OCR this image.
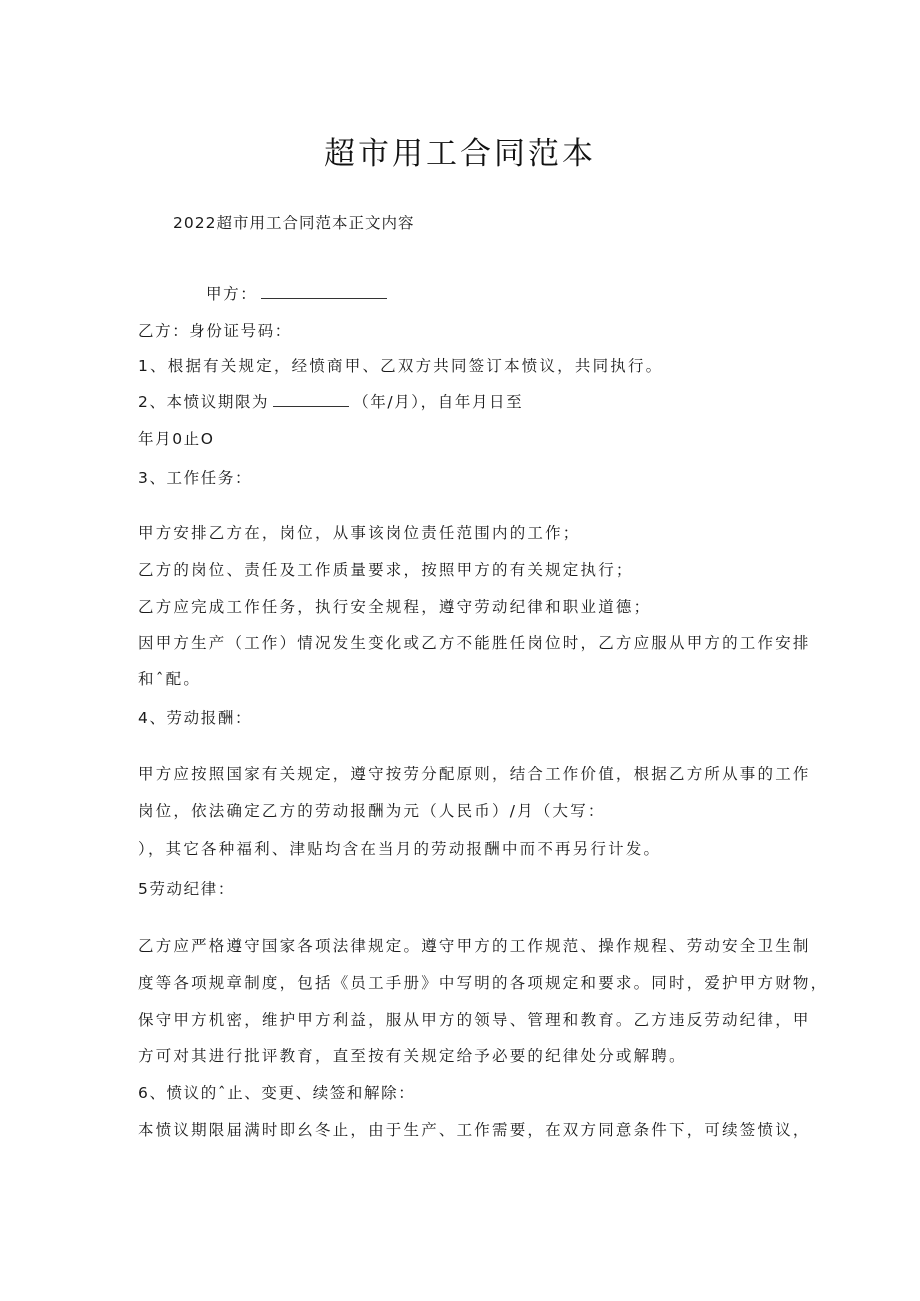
超市用工合同范本
2022超市用工合同范本正文内容
甲方：
乙方：身份证号码：
1、根据有关规定，经愤商甲、乙双方共同签订本愤议，共同执行。
2、本愤议期限为	（年/月），自年月日至
年月0止O
3、工作任务：
甲方安排乙方在，岗位，从事该岗位责任范围内的工作；
乙方的岗位、责任及工作质量要求，按照甲方的有关规定执行；
乙方应完成工作任务，执行安全规程，遵守劳动纪律和职业道德；
因甲方生产（工作）情况发生变化或乙方不能胜任岗位时，乙方应服从甲方的工作安排
和ˆ配。
4、劳动报酬：
甲方应按照国家有关规定，遵守按劳分配原则，结合工作价值，根据乙方所从事的工作
岗位，依法确定乙方的劳动报酬为元（人民币）/月（大写：
），其它各种福利、津贴均含在当月的劳动报酬中而不再另行计发。
5劳动纪律：
乙方应严格遵守国家各项法律规定。遵守甲方的工作规范、操作规程、劳动安全卫生制
度等各项规章制度，包括《员工手册》中写明的各项规定和要求。同时，爱护甲方财物，
保守甲方机密，维护甲方利益，服从甲方的领导、管理和教育。乙方违反劳动纪律，甲
方可对其进行批评教育，直至按有关规定给予必要的纪律处分或解聘。
6、愤议的ˆ止、变更、续签和解除：
本愤议期限届满时即幺冬止，由于生产、工作需要，在双方同意条件下，可续签愤议，
